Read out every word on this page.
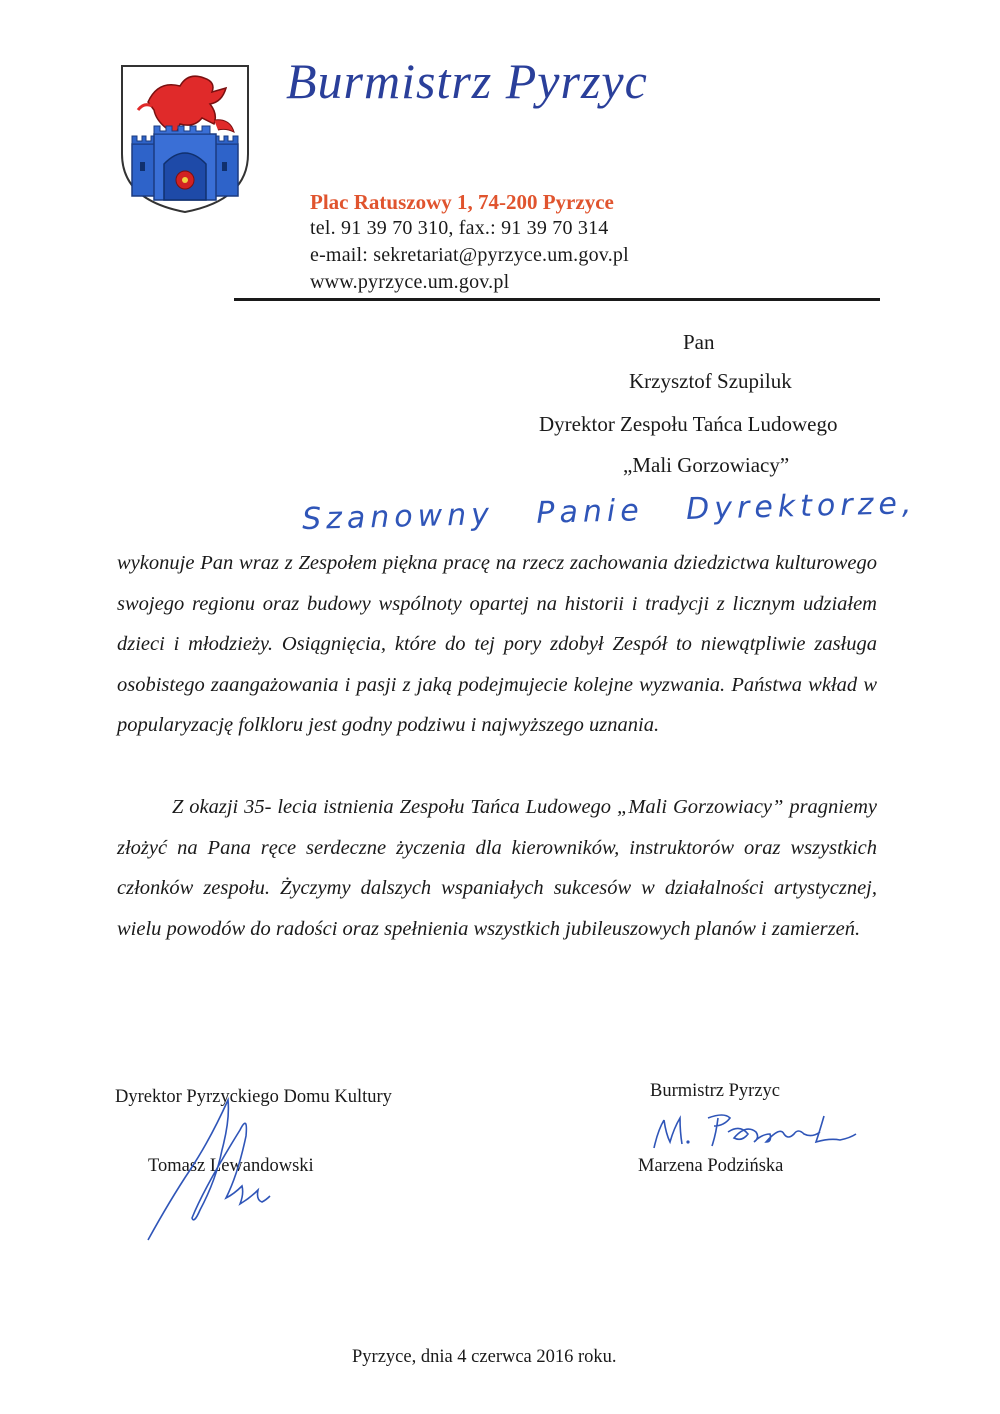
Burmistrz Pyrzyc
Plac Ratuszowy 1, 74-200 Pyrzyce
tel. 91 39 70 310, fax.: 91 39 70 314
e-mail: sekretariat@pyrzyce.um.gov.pl
www.pyrzyce.um.gov.pl
Pan
Krzysztof Szupiluk
Dyrektor Zespołu Tańca Ludowego
„Mali Gorzowiacy”
Szanowny Panie Dyrektorze,

wykonuje Pan wraz z Zespołem piękna pracę na rzecz zachowania dziedzictwa kulturowego swojego regionu oraz budowy wspólnoty opartej na historii i tradycji z licznym udziałem dzieci i młodzieży. Osiągnięcia, które do tej pory zdobył Zespół to niewątpliwie zasługa osobistego zaangażowania i pasji z jaką podejmujecie kolejne wyzwania. Państwa wkład w popularyzację folkloru jest godny podziwu i najwyższego uznania.

Z okazji 35- lecia istnienia Zespołu Tańca Ludowego „Mali Gorzowiacy” pragniemy złożyć na Pana ręce serdeczne życzenia dla kierowników, instruktorów oraz wszystkich członków zespołu. Życzymy dalszych wspaniałych sukcesów w działalności artystycznej, wielu powodów do radości oraz spełnienia wszystkich jubileuszowych planów i zamierzeń.

Dyrektor Pyrzyckiego Domu Kultury
Tomasz Lewandowski
Burmistrz Pyrzyc
Marzena Podzińska
Pyrzyce, dnia 4 czerwca 2016 roku.
